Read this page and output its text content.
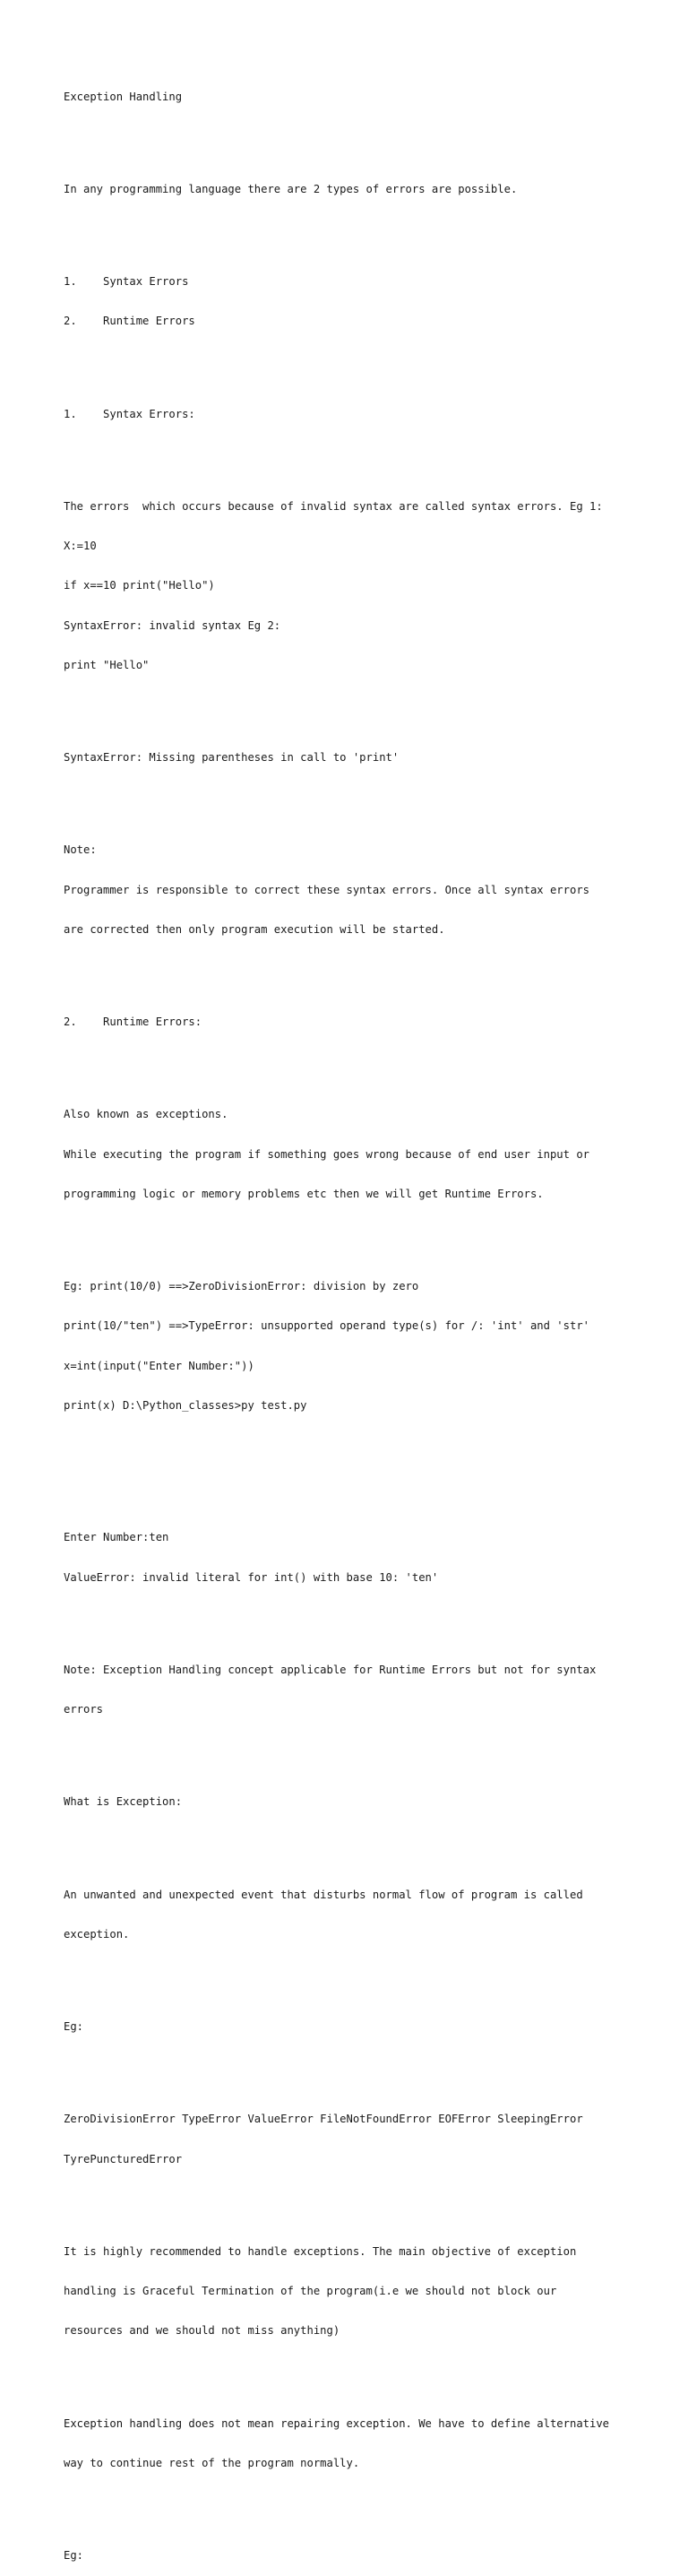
Exception Handling

In any programming language there are 2 types of errors are possible.

1.    Syntax Errors

2.    Runtime Errors

1.    Syntax Errors:

The errors  which occurs because of invalid syntax are called syntax errors. Eg 1:

X:=10

if x==10 print("Hello")

SyntaxError: invalid syntax Eg 2:

print "Hello"

SyntaxError: Missing parentheses in call to 'print'

Note:

Programmer is responsible to correct these syntax errors. Once all syntax errors

are corrected then only program execution will be started.

2.    Runtime Errors:

Also known as exceptions.

While executing the program if something goes wrong because of end user input or

programming logic or memory problems etc then we will get Runtime Errors.

Eg: print(10/0) ==>ZeroDivisionError: division by zero

print(10/"ten") ==>TypeError: unsupported operand type(s) for /: 'int' and 'str'

x=int(input("Enter Number:"))

print(x) D:\Python_classes>py test.py

Enter Number:ten

ValueError: invalid literal for int() with base 10: 'ten'

Note: Exception Handling concept applicable for Runtime Errors but not for syntax

errors

What is Exception:

An unwanted and unexpected event that disturbs normal flow of program is called

exception.

Eg:

ZeroDivisionError TypeError ValueError FileNotFoundError EOFError SleepingError

TyrePuncturedError

It is highly recommended to handle exceptions. The main objective of exception

handling is Graceful Termination of the program(i.e we should not block our

resources and we should not miss anything)

Exception handling does not mean repairing exception. We have to define alternative

way to continue rest of the program normally.

Eg:
